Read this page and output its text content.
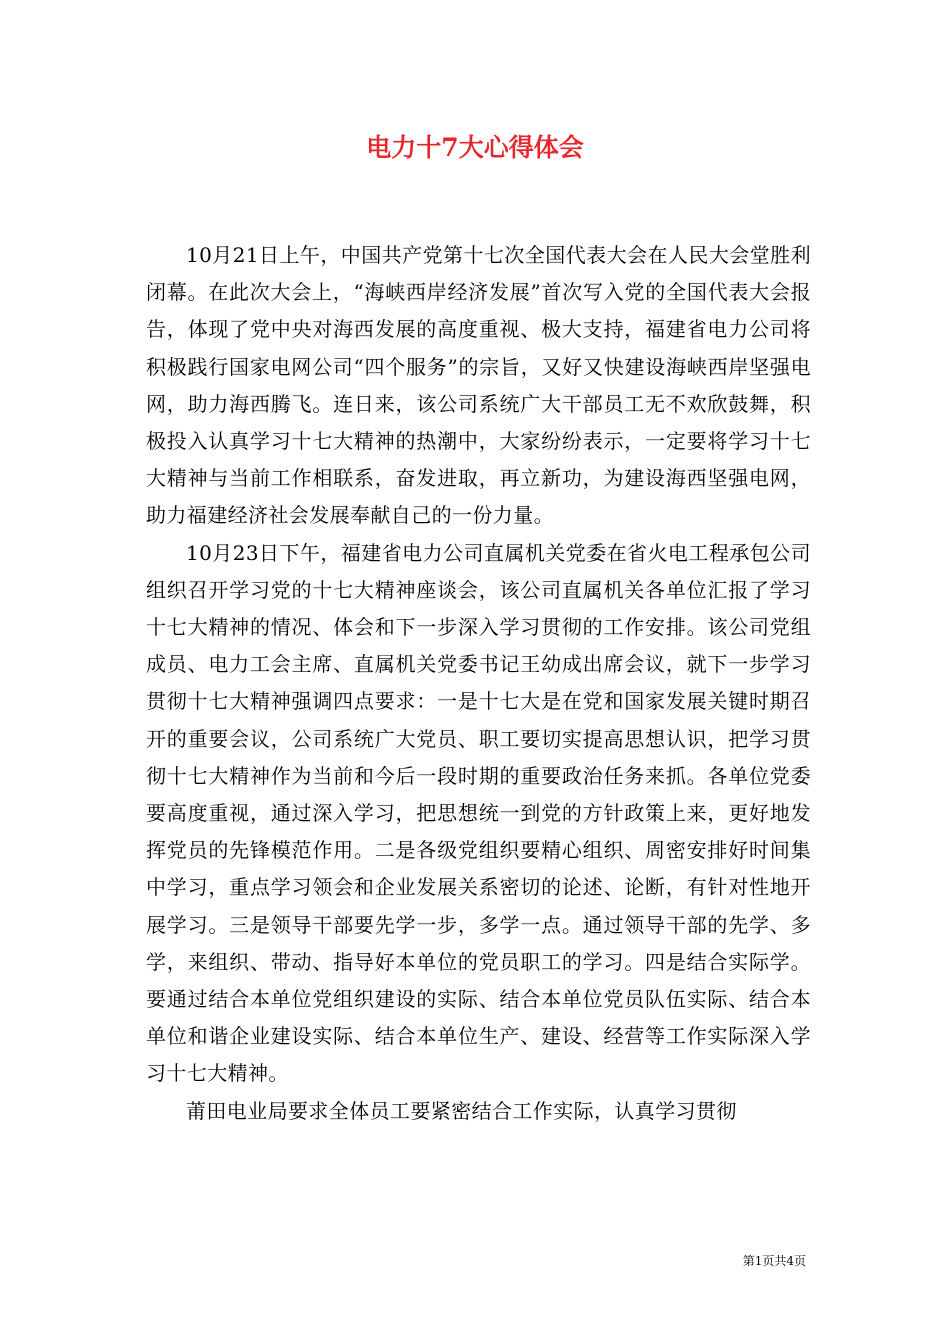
电力十7大心得体会

10月21日上午，中国共产党第十七次全国代表大会在人民大会堂胜利闭幕。在此次大会上，“海峡西岸经济发展”首次写入党的全国代表大会报告，体现了党中央对海西发展的高度重视、极大支持，福建省电力公司将积极践行国家电网公司“四个服务”的宗旨，又好又快建设海峡西岸坚强电网，助力海西腾飞。连日来，该公司系统广大干部员工无不欢欣鼓舞，积极投入认真学习十七大精神的热潮中，大家纷纷表示，一定要将学习十七大精神与当前工作相联系，奋发进取，再立新功，为建设海西坚强电网，助力福建经济社会发展奉献自己的一份力量。

10月23日下午，福建省电力公司直属机关党委在省火电工程承包公司组织召开学习党的十七大精神座谈会，该公司直属机关各单位汇报了学习十七大精神的情况、体会和下一步深入学习贯彻的工作安排。该公司党组成员、电力工会主席、直属机关党委书记王幼成出席会议，就下一步学习贯彻十七大精神强调四点要求：一是十七大是在党和国家发展关键时期召开的重要会议，公司系统广大党员、职工要切实提高思想认识，把学习贯彻十七大精神作为当前和今后一段时期的重要政治任务来抓。各单位党委要高度重视，通过深入学习，把思想统一到党的方针政策上来，更好地发挥党员的先锋模范作用。二是各级党组织要精心组织、周密安排好时间集中学习，重点学习领会和企业发展关系密切的论述、论断，有针对性地开展学习。三是领导干部要先学一步，多学一点。通过领导干部的先学、多学，来组织、带动、指导好本单位的党员职工的学习。四是结合实际学。要通过结合本单位党组织建设的实际、结合本单位党员队伍实际、结合本单位和谐企业建设实际、结合本单位生产、建设、经营等工作实际深入学习十七大精神。

莆田电业局要求全体员工要紧密结合工作实际，认真学习贯彻

第1页共4页
